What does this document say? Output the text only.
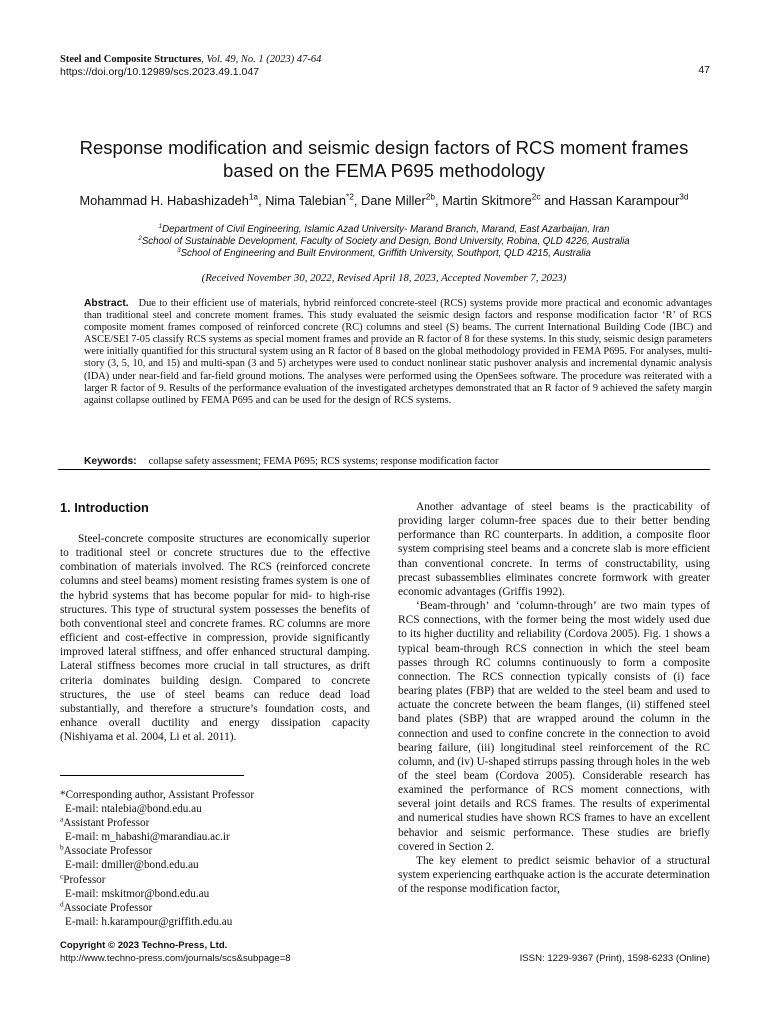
Steel and Composite Structures, Vol. 49, No. 1 (2023) 47-64
https://doi.org/10.12989/scs.2023.49.1.047	47
Response modification and seismic design factors of RCS moment frames
based on the FEMA P695 methodology
Mohammad H. Habashizadeh$^{1a}$, Nima Talebian$^{*2}$, Dane Miller$^{2b}$, Martin Skitmore$^{2c}$ and Hassan Karampour$^{3d}$
$^1$Department of Civil Engineering, Islamic Azad University- Marand Branch, Marand, East Azarbaijan, Iran
$^2$School of Sustainable Development, Faculty of Society and Design, Bond University, Robina, QLD 4226, Australia
$^3$School of Engineering and Built Environment, Griffith University, Southport, QLD 4215, Australia
(Received November 30, 2022, Revised April 18, 2023, Accepted November 7, 2023)
Abstract. Due to their efficient use of materials, hybrid reinforced concrete-steel (RCS) systems provide more practical and economic advantages than traditional steel and concrete moment frames. This study evaluated the seismic design factors and response modification factor ‘R’ of RCS composite moment frames composed of reinforced concrete (RC) columns and steel (S) beams. The current International Building Code (IBC) and ASCE/SEI 7-05 classify RCS systems as special moment frames and provide an R factor of 8 for these systems. In this study, seismic design parameters were initially quantified for this structural system using an R factor of 8 based on the global methodology provided in FEMA P695. For analyses, multi-story (3, 5, 10, and 15) and multi-span (3 and 5) archetypes were used to conduct nonlinear static pushover analysis and incremental dynamic analysis (IDA) under near-field and far-field ground motions. The analyses were performed using the OpenSees software. The procedure was reiterated with a larger R factor of 9. Results of the performance evaluation of the investigated archetypes demonstrated that an R factor of 9 achieved the safety margin against collapse outlined by FEMA P695 and can be used for the design of RCS systems.
Keywords: collapse safety assessment; FEMA P695; RCS systems; response modification factor
1. Introduction

Steel-concrete composite structures are economically superior to traditional steel or concrete structures due to the effective combination of materials involved. The RCS (reinforced concrete columns and steel beams) moment resisting frames system is one of the hybrid systems that has become popular for mid- to high-rise structures. This type of structural system possesses the benefits of both conventional steel and concrete frames. RC columns are more efficient and cost-effective in compression, provide significantly improved lateral stiffness, and offer enhanced structural damping. Lateral stiffness becomes more crucial in tall structures, as drift criteria dominates building design. Compared to concrete structures, the use of steel beams can reduce dead load substantially, and therefore a structure’s foundation costs, and enhance overall ductility and energy dissipation capacity (Nishiyama et al. 2004, Li et al. 2011).

Another advantage of steel beams is the practicability of providing larger column-free spaces due to their better bending performance than RC counterparts. In addition, a composite floor system comprising steel beams and a concrete slab is more efficient than conventional concrete. In terms of constructability, using precast subassemblies eliminates concrete formwork with greater economic advantages (Griffis 1992).

‘Beam-through’ and ‘column-through’ are two main types of RCS connections, with the former being the most widely used due to its higher ductility and reliability (Cordova 2005). Fig. 1 shows a typical beam-through RCS connection in which the steel beam passes through RC columns continuously to form a composite connection. The RCS connection typically consists of (i) face bearing plates (FBP) that are welded to the steel beam and used to actuate the concrete between the beam flanges, (ii) stiffened steel band plates (SBP) that are wrapped around the column in the connection and used to confine concrete in the connection to avoid bearing failure, (iii) longitudinal steel reinforcement of the RC column, and (iv) U-shaped stirrups passing through holes in the web of the steel beam (Cordova 2005). Considerable research has examined the performance of RCS moment connections, with several joint details and RCS frames. The results of experimental and numerical studies have shown RCS frames to have an excellent behavior and seismic performance. These studies are briefly covered in Section 2.

The key element to predict seismic behavior of a structural system experiencing earthquake action is the accurate determination of the response modification factor,

*Corresponding author, Assistant Professor
E-mail: ntalebia@bond.edu.au
$^a$Assistant Professor
E-mail: m_habashi@marandiau.ac.ir
$^b$Associate Professor
E-mail: dmiller@bond.edu.au
$^c$Professor
E-mail: mskitmor@bond.edu.au
$^d$Associate Professor
E-mail: h.karampour@griffith.edu.au
Copyright © 2023 Techno-Press, Ltd.
http://www.techno-press.com/journals/scs&subpage=8	ISSN: 1229-9367 (Print), 1598-6233 (Online)
